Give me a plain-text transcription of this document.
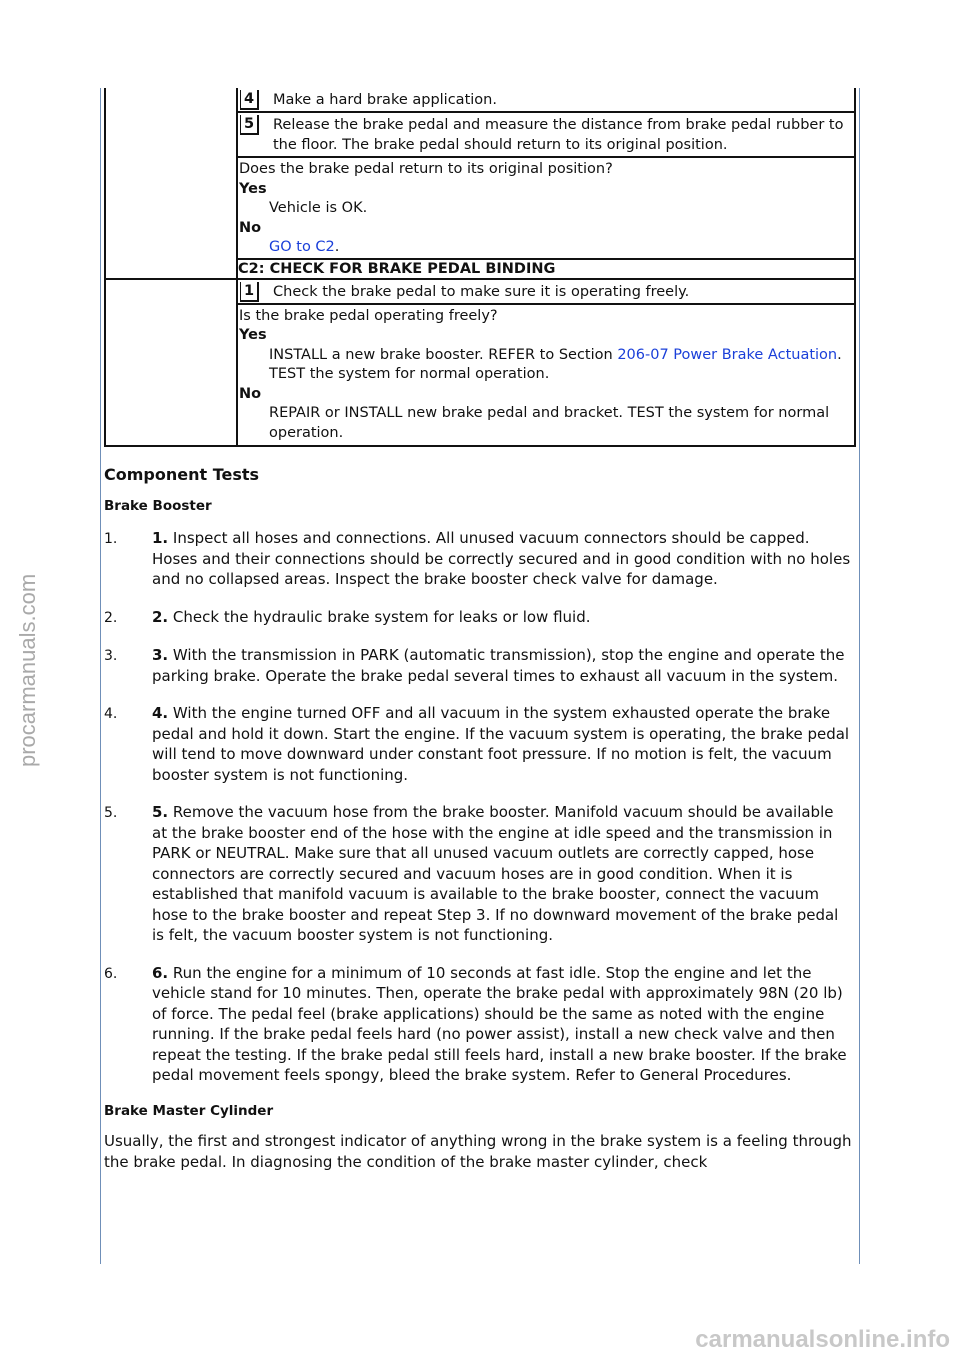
procarmanuals.com
carmanualsonline.info

	4 Make a hard brake application.
5 Release the brake pedal and measure the distance from brake pedal rubber to the floor. The brake pedal should return to its original position.

	Does the brake pedal return to its original position?
Yes
Vehicle is OK.
No
GO to C2.

	C2: CHECK FOR BRAKE PEDAL BINDING

	1 Check the brake pedal to make sure it is operating freely.

	Is the brake pedal operating freely?
Yes
INSTALL a new brake booster. REFER to Section 206-07 Power Brake Actuation. TEST the system for normal operation.
No
REPAIR or INSTALL new brake pedal and bracket. TEST the system for normal operation.
Component Tests
Brake Booster
1.	1. Inspect all hoses and connections. All unused vacuum connectors should be capped. Hoses and their connections should be correctly secured and in good condition with no holes and no collapsed areas. Inspect the brake booster check valve for damage.
2.	2. Check the hydraulic brake system for leaks or low fluid.
3.	3. With the transmission in PARK (automatic transmission), stop the engine and operate the parking brake. Operate the brake pedal several times to exhaust all vacuum in the system.
4.	4. With the engine turned OFF and all vacuum in the system exhausted operate the brake pedal and hold it down. Start the engine. If the vacuum system is operating, the brake pedal will tend to move downward under constant foot pressure. If no motion is felt, the vacuum booster system is not functioning.
5.	5. Remove the vacuum hose from the brake booster. Manifold vacuum should be available at the brake booster end of the hose with the engine at idle speed and the transmission in PARK or NEUTRAL. Make sure that all unused vacuum outlets are correctly capped, hose connectors are correctly secured and vacuum hoses are in good condition. When it is established that manifold vacuum is available to the brake booster, connect the vacuum hose to the brake booster and repeat Step 3. If no downward movement of the brake pedal is felt, the vacuum booster system is not functioning.
6.	6. Run the engine for a minimum of 10 seconds at fast idle. Stop the engine and let the vehicle stand for 10 minutes. Then, operate the brake pedal with approximately 98N (20 lb) of force. The pedal feel (brake applications) should be the same as noted with the engine running. If the brake pedal feels hard (no power assist), install a new check valve and then repeat the testing. If the brake pedal still feels hard, install a new brake booster. If the brake pedal movement feels spongy, bleed the brake system. Refer to General Procedures.
Brake Master Cylinder

Usually, the first and strongest indicator of anything wrong in the brake system is a feeling through the brake pedal. In diagnosing the condition of the brake master cylinder, check
